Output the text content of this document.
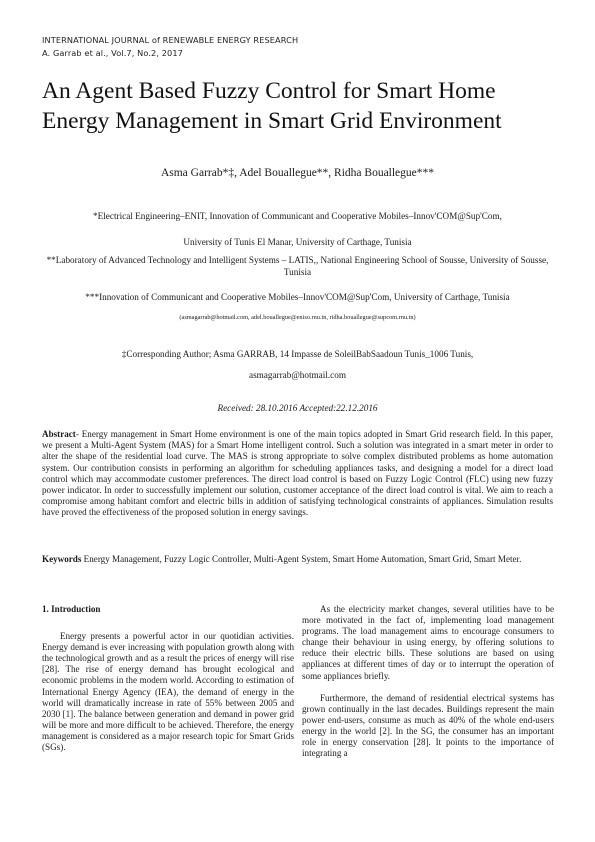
INTERNATIONAL JOURNAL of RENEWABLE ENERGY RESEARCH
A. Garrab et al., Vol.7, No.2, 2017
An Agent Based Fuzzy Control for Smart Home
Energy Management in Smart Grid Environment
Asma Garrab*‡, Adel Bouallegue**, Ridha Bouallegue***
*Electrical Engineering–ENIT, Innovation of Communicant and Cooperative Mobiles–Innov'COM@Sup'Com,
University of Tunis El Manar, University of Carthage, Tunisia
**Laboratory of Advanced Technology and Intelligent Systems – LATIS,, National Engineering School of Sousse, University of Sousse, Tunisia
***Innovation of Communicant and Cooperative Mobiles–Innov'COM@Sup'Com, University of Carthage, Tunisia
(asmagarrab@hotmail.com, adel.bouallegue@eniso.rnu.tn, ridha.bouallegue@supcom.rnu.tn)
‡Corresponding Author; Asma GARRAB, 14 Impasse de SoleilBabSaadoun Tunis_1006 Tunis,
asmagarrab@hotmail.com
Received: 28.10.2016 Accepted:22.12.2016
Abstract- Energy management in Smart Home environment is one of the main topics adopted in Smart Grid research field. In this paper, we present a Multi-Agent System (MAS) for a Smart Home intelligent control. Such a solution was integrated in a smart meter in order to alter the shape of the residential load curve. The MAS is strong appropriate to solve complex distributed problems as home automation system. Our contribution consists in performing an algorithm for scheduling appliances tasks, and designing a model for a direct load control which may accommodate customer preferences. The direct load control is based on Fuzzy Logic Control (FLC) using new fuzzy power indicator. In order to successfully implement our solution, customer acceptance of the direct load control is vital. We aim to reach a compromise among habitant comfort and electric bills in addition of satisfying technological constraints of appliances. Simulation results have proved the effectiveness of the proposed solution in energy savings.
Keywords Energy Management, Fuzzy Logic Controller, Multi-Agent System, Smart Home Automation, Smart Grid, Smart Meter.
1. Introduction

Energy presents a powerful actor in our quotidian activities. Energy demand is ever increasing with population growth along with the technological growth and as a result the prices of energy will rise [28]. The rise of energy demand has brought ecological and economic problems in the modern world. According to estimation of International Energy Agency (IEA), the demand of energy in the world will dramatically increase in rate of 55% between 2005 and 2030 [1]. The balance between generation and demand in power grid will be more and more difficult to be achieved. Therefore, the energy management is considered as a major research topic for Smart Grids (SGs).

As the electricity market changes, several utilities have to be more motivated in the fact of, implementing load management programs. The load management aims to encourage consumers to change their behaviour in using energy, by offering solutions to reduce their electric bills. These solutions are based on using appliances at different times of day or to interrupt the operation of some appliances briefly.

Furthermore, the demand of residential electrical systems has grown continually in the last decades. Buildings represent the main power end-users, consume as much as 40% of the whole end-users energy in the world [2]. In the SG, the consumer has an important role in energy conservation [28]. It points to the importance of integrating a
